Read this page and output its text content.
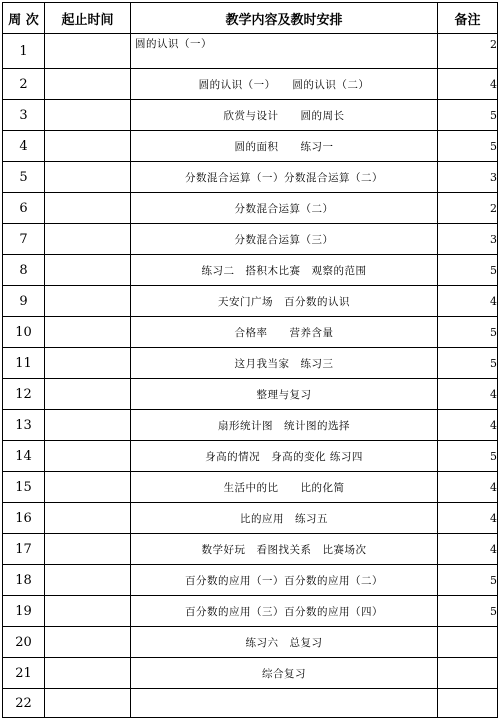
周 次	起止时间	教学内容及教时安排	备注
1		圆的认识（一）	2
2		圆的认识（一）　　圆的认识（二）	4
3		欣赏与设计　　圆的周长	5
4		圆的面积　　练习一	5
5		分数混合运算（一）分数混合运算（二）	3
6		分数混合运算（二）	2
7		分数混合运算（三）	3
8		练习二　搭积木比赛　观察的范围	5
9		天安门广场　百分数的认识	4
10		合格率　　营养含量	5
11		这月我当家　练习三	5
12		整理与复习	4
13		扇形统计图　统计图的选择	4
14		身高的情况　身高的变化 练习四	5
15		生活中的比　　比的化简	4
16		比的应用　练习五	4
17		数学好玩　看图找关系　比赛场次	4
18		百分数的应用（一）百分数的应用（二）	5
19		百分数的应用（三）百分数的应用（四）	5
20		练习六　总复习	
21		综合复习	
22			
